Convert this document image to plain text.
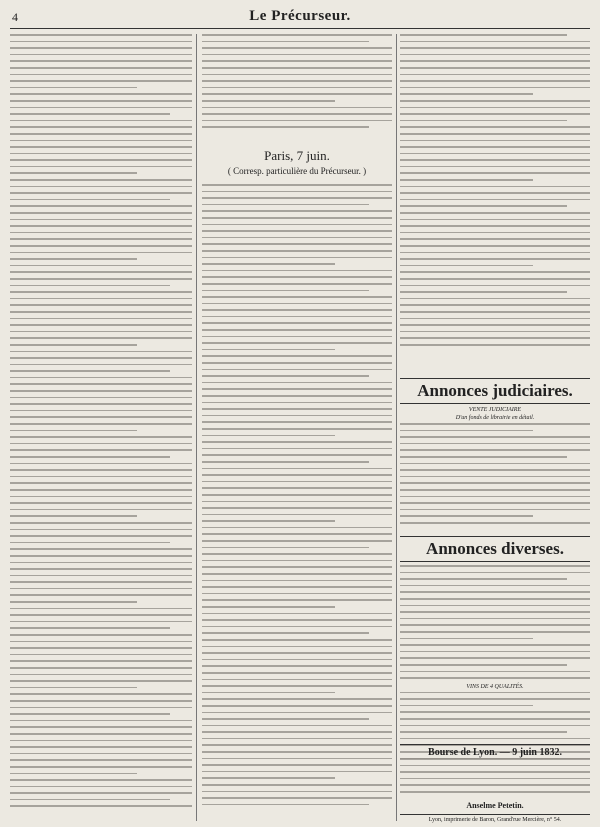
4	Le Précurseur.
Paris, 7 juin.
( Corresp. particulière du Précurseur. )
Annonces judiciaires.
VENTE JUDICIAIRE
D'un fonds de librairie en détail.
Annonces diverses.
VINS DE 4 QUALITÉS.
Bourse de Lyon. — 9 juin 1832.
Anselme Petetin.
Lyon, imprimerie de Baron, Grand'rue Mercière, n° 54.
